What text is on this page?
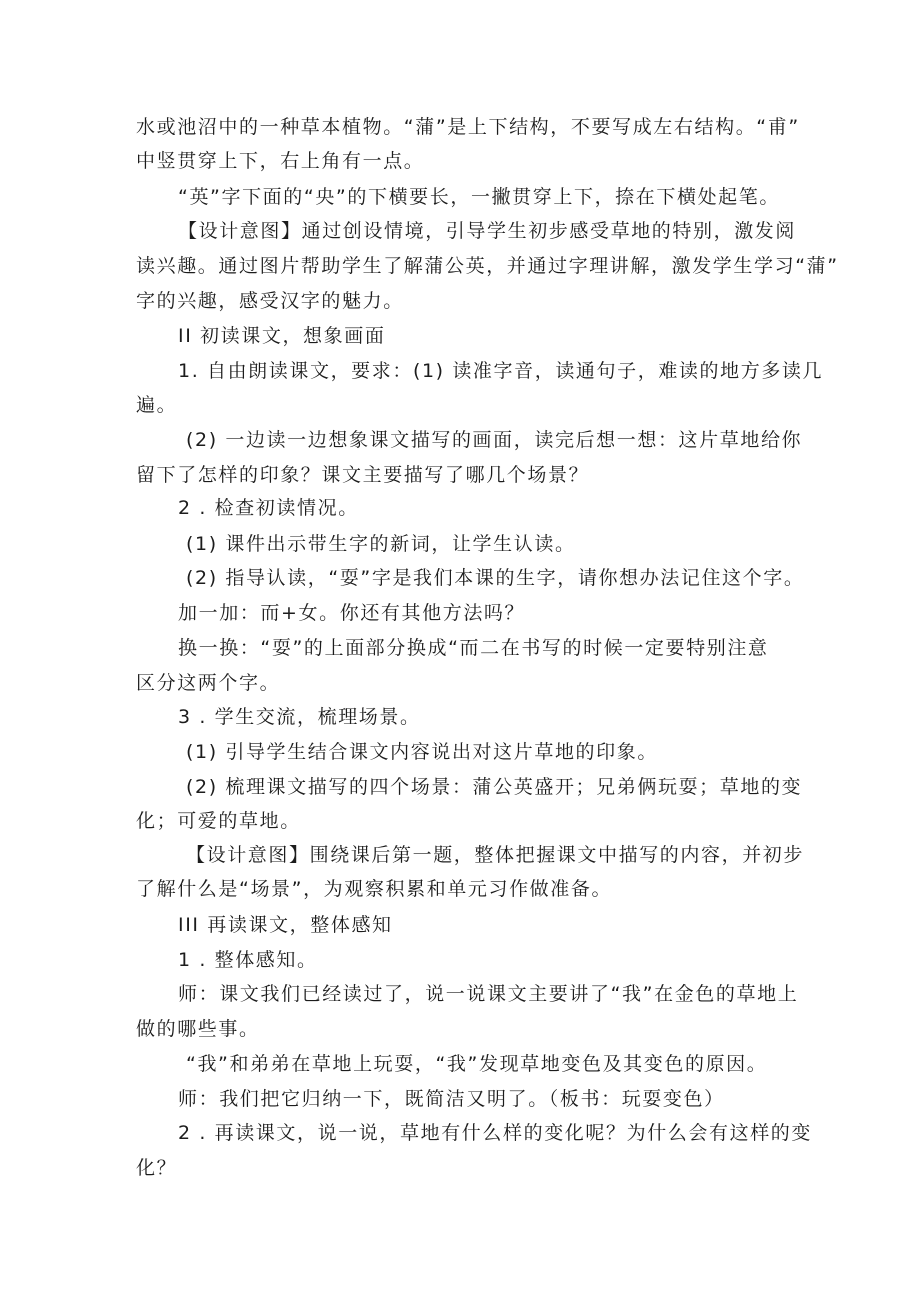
水或池沼中的一种草本植物。“蒲”是上下结构，不要写成左右结构。“甫”
中竖贯穿上下，右上角有一点。
“英”字下面的“央”的下横要长，一撇贯穿上下，捺在下横处起笔。
【设计意图】通过创设情境，引导学生初步感受草地的特别，激发阅
读兴趣。通过图片帮助学生了解蒲公英，并通过字理讲解，激发学生学习“蒲”
字的兴趣，感受汉字的魅力。
II 初读课文，想象画面
1. 自由朗读课文，要求：(1) 读准字音，读通句子，难读的地方多读几
遍。
(2) 一边读一边想象课文描写的画面，读完后想一想：这片草地给你
留下了怎样的印象？课文主要描写了哪几个场景？
2 . 检查初读情况。
(1) 课件出示带生字的新词，让学生认读。
(2) 指导认读，“耍”字是我们本课的生字，请你想办法记住这个字。
加一加：而+女。你还有其他方法吗？
换一换：“耍”的上面部分换成“而二在书写的时候一定要特别注意
区分这两个字。
3 . 学生交流，梳理场景。
(1) 引导学生结合课文内容说出对这片草地的印象。
(2) 梳理课文描写的四个场景：蒲公英盛开；兄弟俩玩耍；草地的变
化；可爱的草地。
【设计意图】围绕课后第一题，整体把握课文中描写的内容，并初步
了解什么是“场景”，为观察积累和单元习作做准备。
III 再读课文，整体感知
1 . 整体感知。
师：课文我们已经读过了，说一说课文主要讲了“我”在金色的草地上
做的哪些事。
“我”和弟弟在草地上玩耍，“我”发现草地变色及其变色的原因。
师：我们把它归纳一下，既简洁又明了。（板书：玩耍变色）
2 . 再读课文，说一说，草地有什么样的变化呢？为什么会有这样的变
化？
